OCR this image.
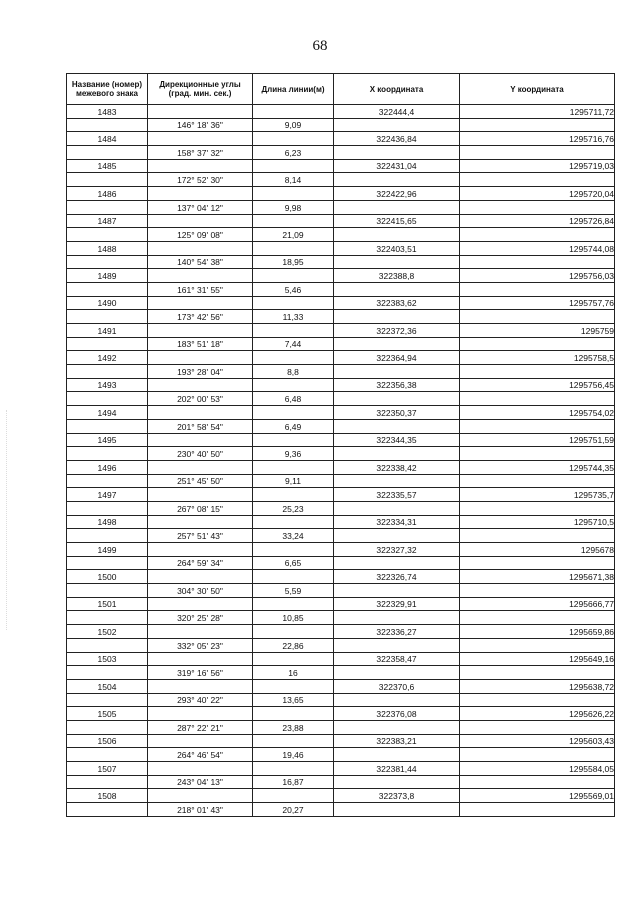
68
Название (номер) межевого знака	Дирекционные углы (град. мин. сек.)	Длина линии(м)	X координата	Y координата
1483			322444,4	1295711,72
	146° 18' 36"	9,09		
1484			322436,84	1295716,76
	158° 37' 32"	6,23		
1485			322431,04	1295719,03
	172° 52' 30"	8,14		
1486			322422,96	1295720,04
	137° 04' 12"	9,98		
1487			322415,65	1295726,84
	125° 09' 08"	21,09		
1488			322403,51	1295744,08
	140° 54' 38"	18,95		
1489			322388,8	1295756,03
	161° 31' 55"	5,46		
1490			322383,62	1295757,76
	173° 42' 56"	11,33		
1491			322372,36	1295759
	183° 51' 18"	7,44		
1492			322364,94	1295758,5
	193° 28' 04"	8,8		
1493			322356,38	1295756,45
	202° 00' 53"	6,48		
1494			322350,37	1295754,02
	201° 58' 54"	6,49		
1495			322344,35	1295751,59
	230° 40' 50"	9,36		
1496			322338,42	1295744,35
	251° 45' 50"	9,11		
1497			322335,57	1295735,7
	267° 08' 15"	25,23		
1498			322334,31	1295710,5
	257° 51' 43"	33,24		
1499			322327,32	1295678
	264° 59' 34"	6,65		
1500			322326,74	1295671,38
	304° 30' 50"	5,59		
1501			322329,91	1295666,77
	320° 25' 28"	10,85		
1502			322336,27	1295659,86
	332° 05' 23"	22,86		
1503			322358,47	1295649,16
	319° 16' 56"	16		
1504			322370,6	1295638,72
	293° 40' 22"	13,65		
1505			322376,08	1295626,22
	287° 22' 21"	23,88		
1506			322383,21	1295603,43
	264° 46' 54"	19,46		
1507			322381,44	1295584,05
	243° 04' 13"	16,87		
1508			322373,8	1295569,01
	218° 01' 43"	20,27		
